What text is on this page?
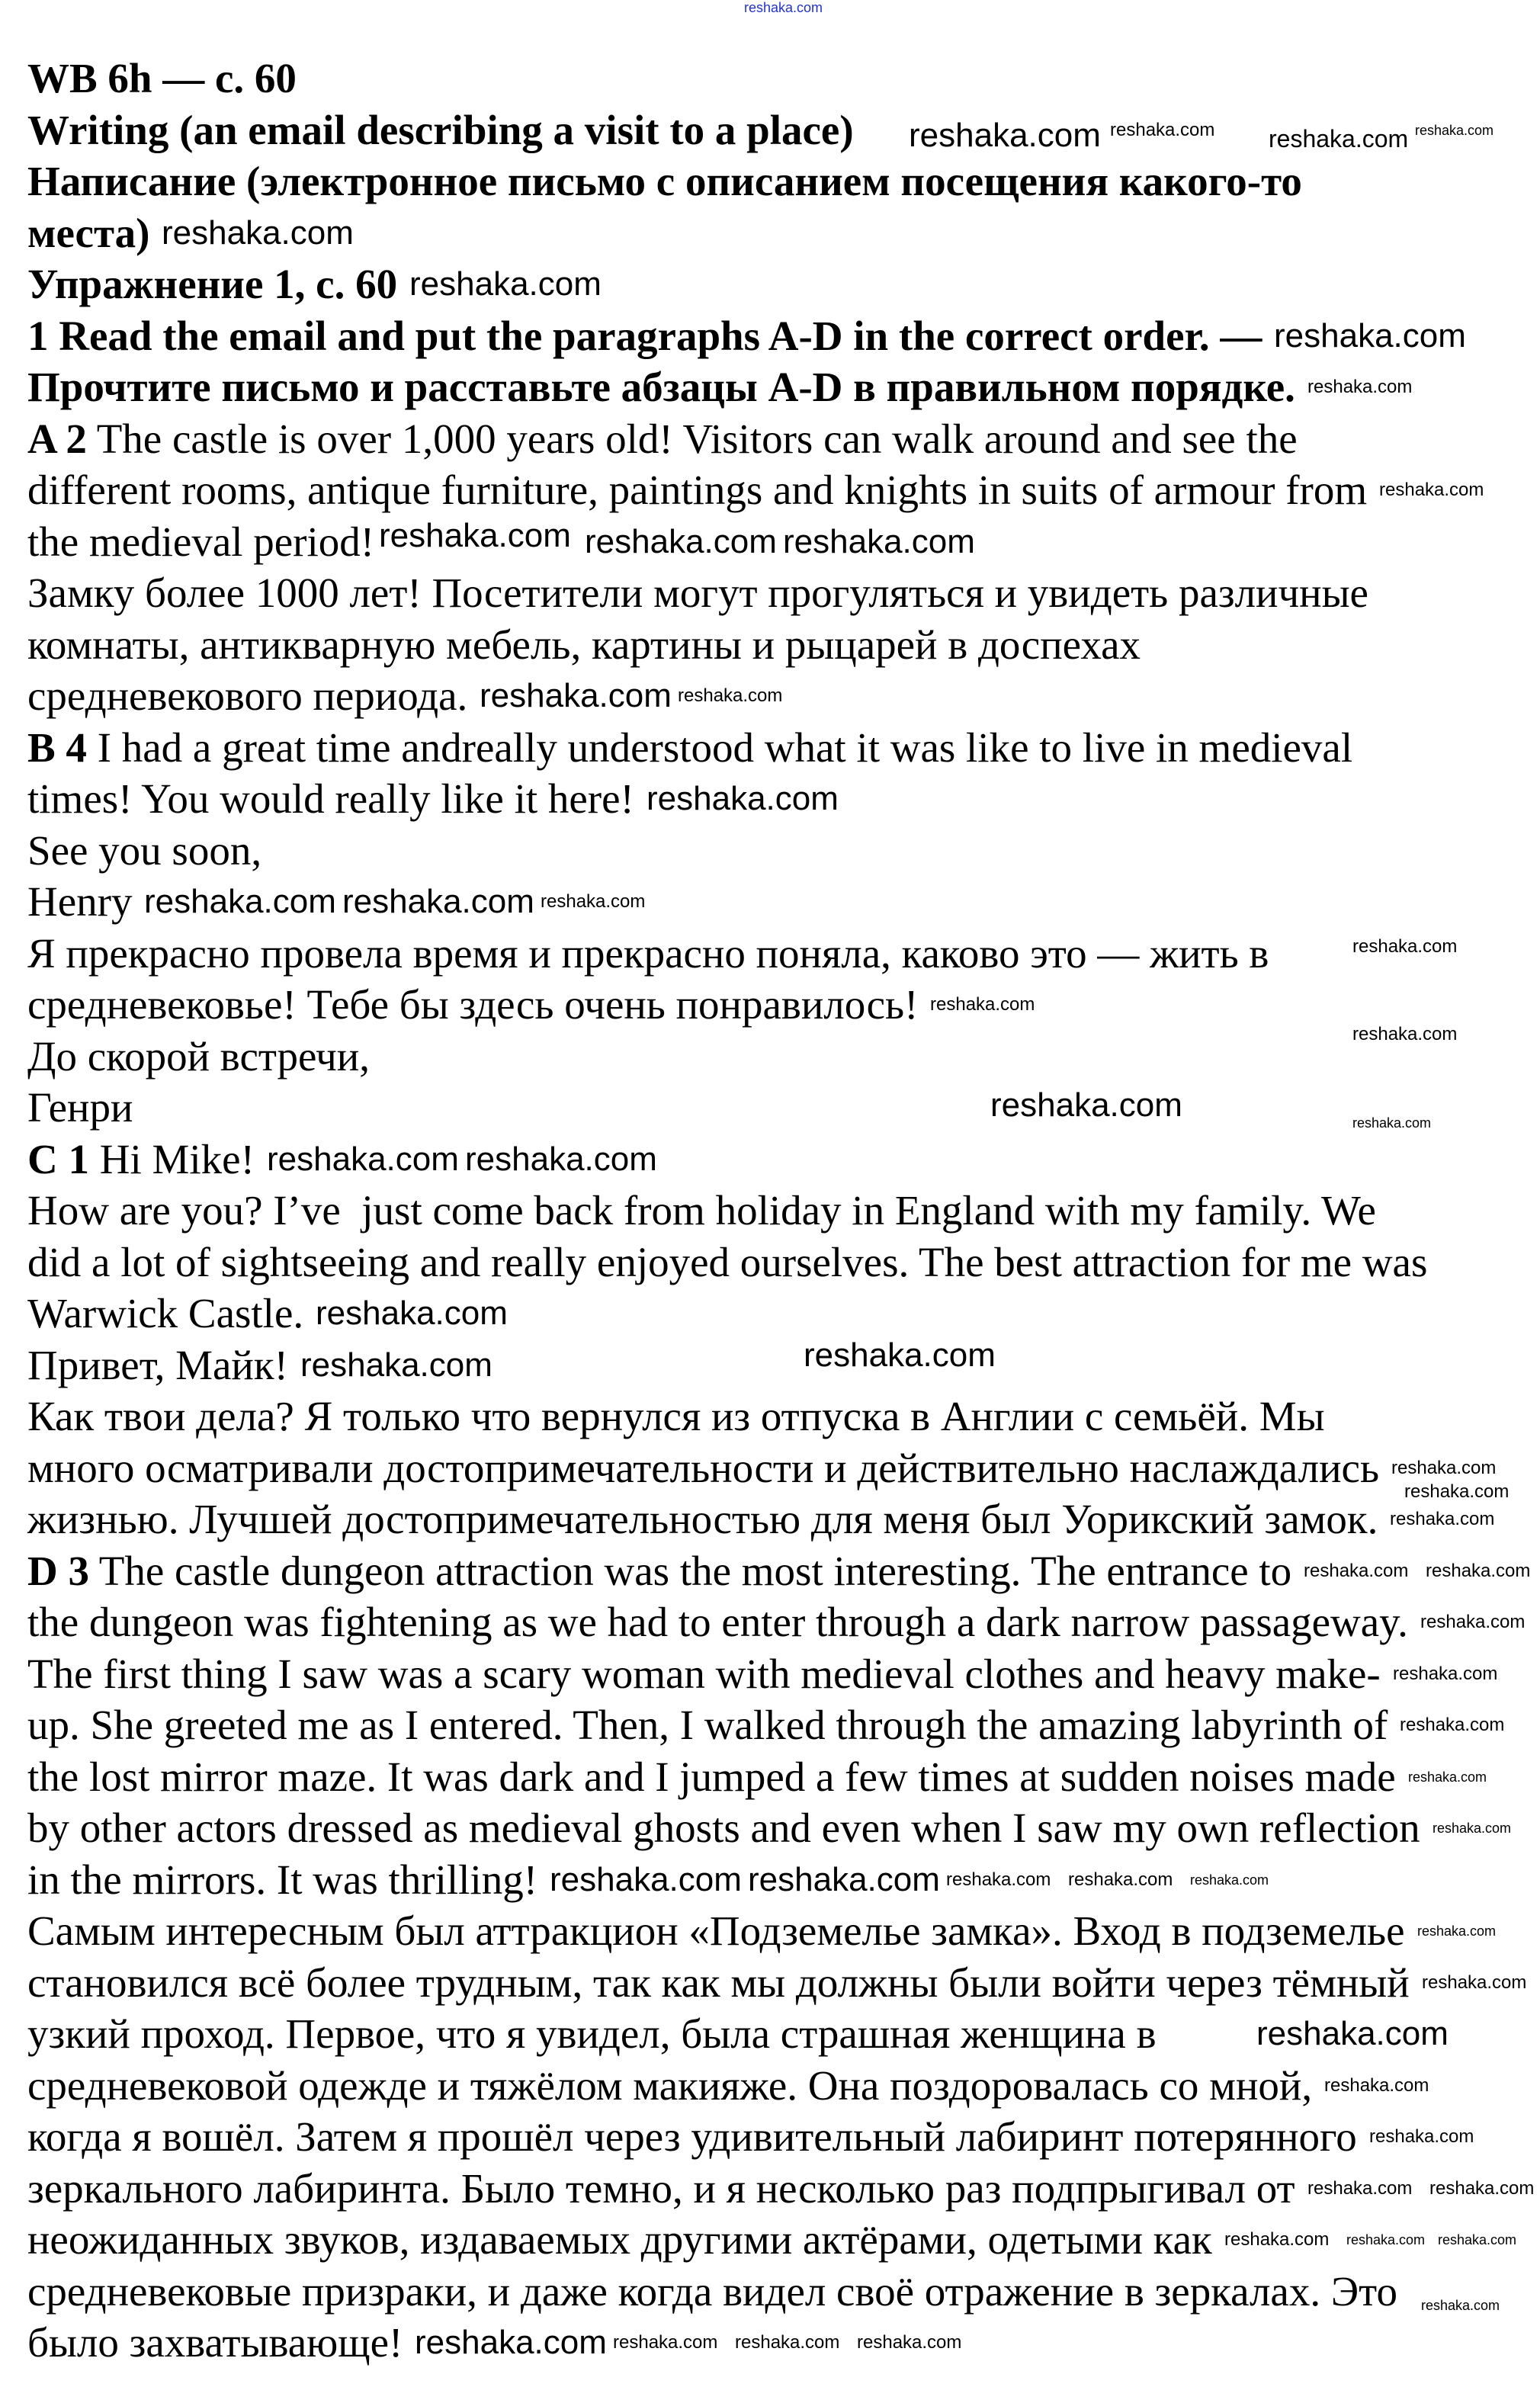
WB 6h — с. 60
Writing (an email describing a visit to a place)
Написание (электронное письмо с описанием посещения какого-то
места)
Упражнение 1, с. 60
1 Read the email and put the paragraphs A-D in the correct order. —
Прочтите письмо и расставьте абзацы A-D в правильном порядке.
A 2 The castle is over 1,000 years old! Visitors can walk around and see the
different rooms, antique furniture, paintings and knights in suits of armour from
the medieval period!
Замку более 1000 лет! Посетители могут прогуляться и увидеть различные
комнаты, антикварную мебель, картины и рыцарей в доспехах
средневекового периода.
B 4 I had a great time andreally understood what it was like to live in medieval
times! You would really like it here!
See you soon,
Henry
Я прекрасно провела время и прекрасно поняла, каково это — жить в
средневековье! Тебе бы здесь очень понравилось!
До скорой встречи,
Генри
C 1 Hi Mike!
How are you? I’ve  just come back from holiday in England with my family. We
did a lot of sightseeing and really enjoyed ourselves. The best attraction for me was
Warwick Castle.
Привет, Майк!
Как твои дела? Я только что вернулся из отпуска в Англии с семьёй. Мы
много осматривали достопримечательности и действительно наслаждались
жизнью. Лучшей достопримечательностью для меня был Уорикский замок.
D 3 The castle dungeon attraction was the most interesting. The entrance to
the dungeon was fightening as we had to enter through a dark narrow passageway.
The first thing I saw was a scary woman with medieval clothes and heavy make-
up. She greeted me as I entered. Then, I walked through the amazing labyrinth of
the lost mirror maze. It was dark and I jumped a few times at sudden noises made
by other actors dressed as medieval ghosts and even when I saw my own reflection
in the mirrors. It was thrilling!
Самым интересным был аттракцион «Подземелье замка». Вход в подземелье
становился всё более трудным, так как мы должны были войти через тёмный
узкий проход. Первое, что я увидел, была страшная женщина в
средневековой одежде и тяжёлом макияже. Она поздоровалась со мной,
когда я вошёл. Затем я прошёл через удивительный лабиринт потерянного
зеркального лабиринта. Было темно, и я несколько раз подпрыгивал от
неожиданных звуков, издаваемых другими актёрами, одетыми как
средневековые призраки, и даже когда видел своё отражение в зеркалах. Это
было захватывающе!
reshaka.com
reshaka.com	reshaka.com
reshaka.com
reshaka.com
reshaka.com
reshaka.com reshaka.com reshaka.com
reshaka.com
reshaka.com
reshaka.com reshaka.com
reshaka.com
reshaka.com reshaka.com
reshaka.com
reshaka.com
reshaka.com
reshaka.com reshaka.com
reshaka.com
reshaka.com
reshaka.com
reshaka.com
reshaka.com
reshaka.com
reshaka.com
reshaka.com
reshaka.com
reshaka.com
reshaka.com
reshaka.com
reshaka.com reshaka.com
reshaka.com
reshaka.com
reshaka.com
reshaka.com
reshaka.com reshaka.com
reshaka.com
reshaka.com
reshaka.com
reshaka.com reshaka.com
reshaka.com
reshaka.com reshaka.com reshaka.com
reshaka.com
reshaka.com
reshaka.com
reshaka.com
reshaka.com
reshaka.com
reshaka.com reshaka.com
reshaka.com
